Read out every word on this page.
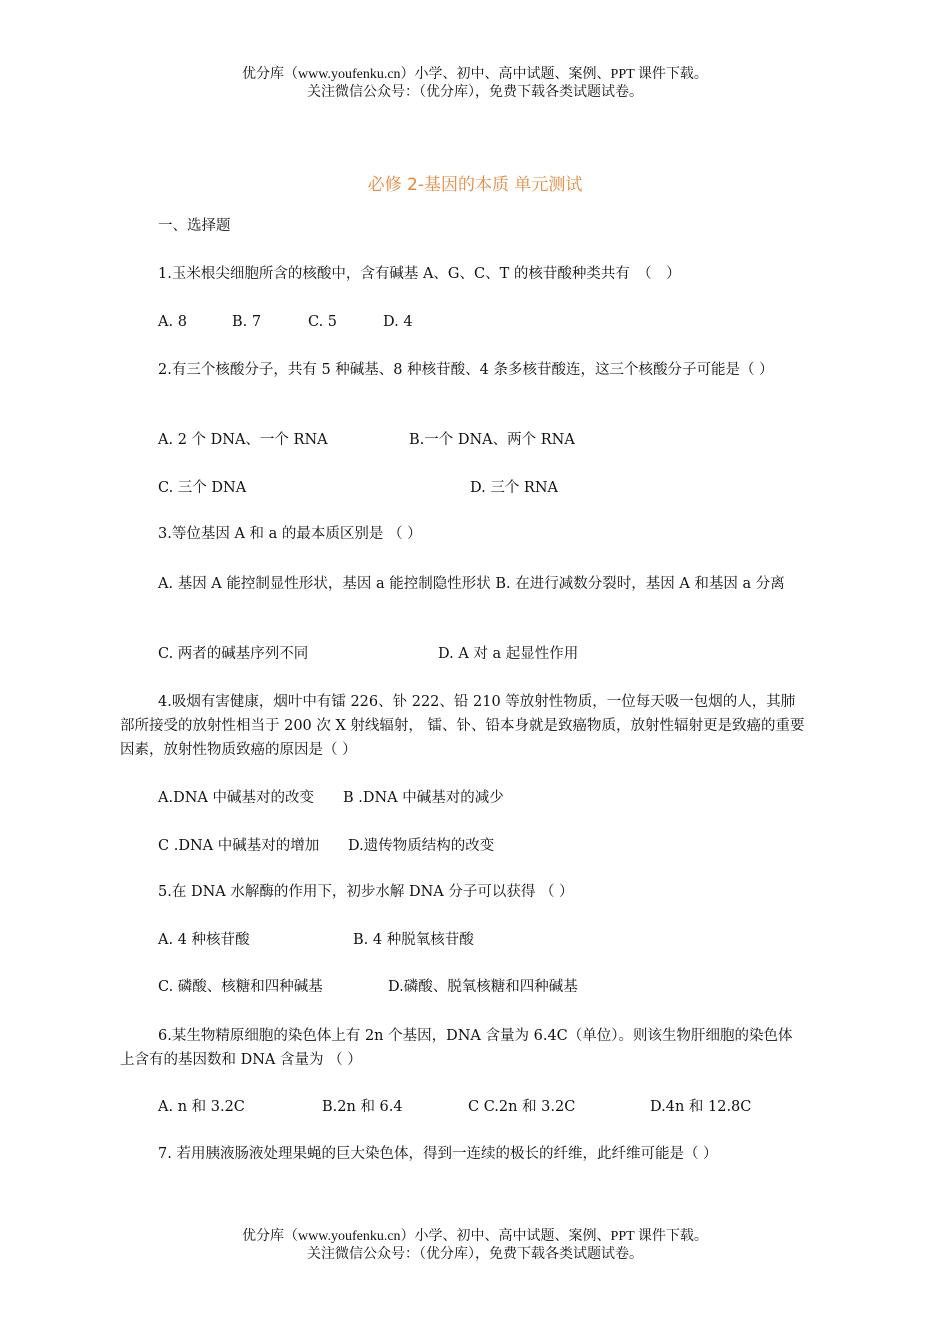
优分库（www.youfenku.cn）小学、初中、高中试题、案例、PPT 课件下载。
关注微信公众号：（优分库），免费下载各类试题试卷。
必修 2-基因的本质 单元测试
一、选择题
1.玉米根尖细胞所含的核酸中，含有碱基 A、G、C、T 的核苷酸种类共有　（　）
A. 8	B. 7	C. 5	D. 4
2.有三个核酸分子，共有 5 种碱基、8 种核苷酸、4 条多核苷酸连，这三个核酸分子可能是（ ）
A. 2 个 DNA、一个 RNA	B.一个 DNA、两个 RNA
C. 三个 DNA	D. 三个 RNA
3.等位基因 A 和 a 的最本质区别是 （ ）
A. 基因 A 能控制显性形状，基因 a 能控制隐性形状 B. 在进行减数分裂时，基因 A 和基因 a 分离
C. 两者的碱基序列不同	D. A 对 a 起显性作用
4.吸烟有害健康，烟叶中有镭 226、钋 222、铅 210 等放射性物质，一位每天吸一包烟的人，其肺部所接受的放射性相当于 200 次 X 射线辐射， 镭、钋、铅本身就是致癌物质，放射性辐射更是致癌的重要因素，放射性物质致癌的原因是（ ）
A.DNA 中碱基对的改变 B .DNA 中碱基对的减少
C .DNA 中碱基对的增加 D.遗传物质结构的改变
5.在 DNA 水解酶的作用下，初步水解 DNA 分子可以获得 （ ）
A. 4 种核苷酸	B. 4 种脱氧核苷酸
C. 磷酸、核糖和四种碱基	D.磷酸、脱氧核糖和四种碱基
6.某生物精原细胞的染色体上有 2n 个基因，DNA 含量为 6.4C（单位）。则该生物肝细胞的染色体上含有的基因数和 DNA 含量为 （ ）
A. n 和 3.2C	B.2n 和 6.4	C C.2n 和 3.2C	D.4n 和 12.8C
7. 若用胰液肠液处理果蝇的巨大染色体，得到一连续的极长的纤维，此纤维可能是（ ）
优分库（www.youfenku.cn）小学、初中、高中试题、案例、PPT 课件下载。
关注微信公众号：（优分库），免费下载各类试题试卷。
